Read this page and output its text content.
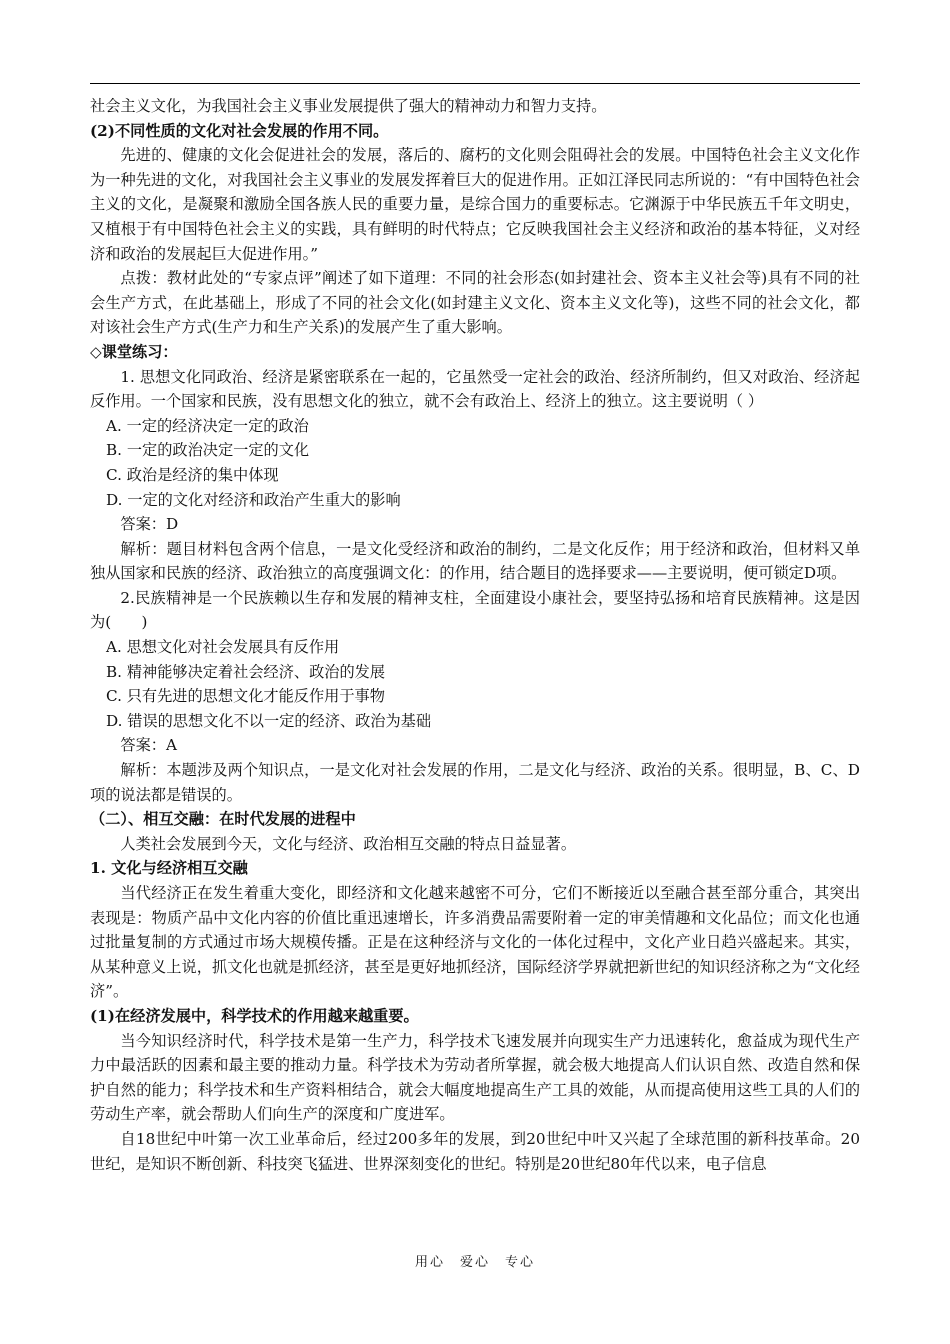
社会主义文化，为我国社会主义事业发展提供了强大的精神动力和智力支持。

(2)不同性质的文化对社会发展的作用不同。

先进的、健康的文化会促进社会的发展，落后的、腐朽的文化则会阻碍社会的发展。中国特色社会主义文化作为一种先进的文化，对我国社会主义事业的发展发挥着巨大的促进作用。正如江泽民同志所说的：“有中国特色社会主义的文化，是凝聚和激励全国各族人民的重要力量，是综合国力的重要标志。它渊源于中华民族五千年文明史，又植根于有中国特色社会主义的实践，具有鲜明的时代特点；它反映我国社会主义经济和政治的基本特征，义对经济和政治的发展起巨大促进作用。”

点拨：教材此处的“专家点评”阐述了如下道理：不同的社会形态(如封建社会、资本主义社会等)具有不同的社会生产方式，在此基础上，形成了不同的社会文化(如封建主义文化、资本主义文化等)，这些不同的社会文化，都对该社会生产方式(生产力和生产关系)的发展产生了重大影响。

◇课堂练习：

1. 思想文化同政治、经济是紧密联系在一起的，它虽然受一定社会的政治、经济所制约，但又对政治、经济起反作用。一个国家和民族，没有思想文化的独立，就不会有政治上、经济上的独立。这主要说明（ ）

A. 一定的经济决定一定的政治

B. 一定的政治决定一定的文化

C. 政治是经济的集中体现

D. 一定的文化对经济和政治产生重大的影响

答案：D

解析：题目材料包含两个信息，一是文化受经济和政治的制约，二是文化反作；用于经济和政治，但材料又单独从国家和民族的经济、政治独立的高度强调文化：的作用，结合题目的选择要求——主要说明，便可锁定D项。

2.民族精神是一个民族赖以生存和发展的精神支柱，全面建设小康社会，要坚持弘扬和培育民族精神。这是因为(　　)

A. 思想文化对社会发展具有反作用

B. 精神能够决定着社会经济、政治的发展

C. 只有先进的思想文化才能反作用于事物

D. 错误的思想文化不以一定的经济、政治为基础

答案：A

解析：本题涉及两个知识点，一是文化对社会发展的作用，二是文化与经济、政治的关系。很明显，B、C、D项的说法都是错误的。

（二）、相互交融：在时代发展的进程中

人类社会发展到今天，文化与经济、政治相互交融的特点日益显著。

1. 文化与经济相互交融

当代经济正在发生着重大变化，即经济和文化越来越密不可分，它们不断接近以至融合甚至部分重合，其突出表现是：物质产品中文化内容的价值比重迅速增长，许多消费品需要附着一定的审美情趣和文化品位；而文化也通过批量复制的方式通过市场大规模传播。正是在这种经济与文化的一体化过程中，文化产业日趋兴盛起来。其实，从某种意义上说，抓文化也就是抓经济，甚至是更好地抓经济，国际经济学界就把新世纪的知识经济称之为“文化经济”。

(1)在经济发展中，科学技术的作用越来越重要。

当今知识经济时代，科学技术是第一生产力，科学技术飞速发展并向现实生产力迅速转化，愈益成为现代生产力中最活跃的因素和最主要的推动力量。科学技术为劳动者所掌握，就会极大地提高人们认识自然、改造自然和保护自然的能力；科学技术和生产资料相结合，就会大幅度地提高生产工具的效能，从而提高使用这些工具的人们的劳动生产率，就会帮助人们向生产的深度和广度进军。

自18世纪中叶第一次工业革命后，经过200多年的发展，到20世纪中叶又兴起了全球范围的新科技革命。20世纪，是知识不断创新、科技突飞猛进、世界深刻变化的世纪。特别是20世纪80年代以来，电子信息

用心　爱心　专心
